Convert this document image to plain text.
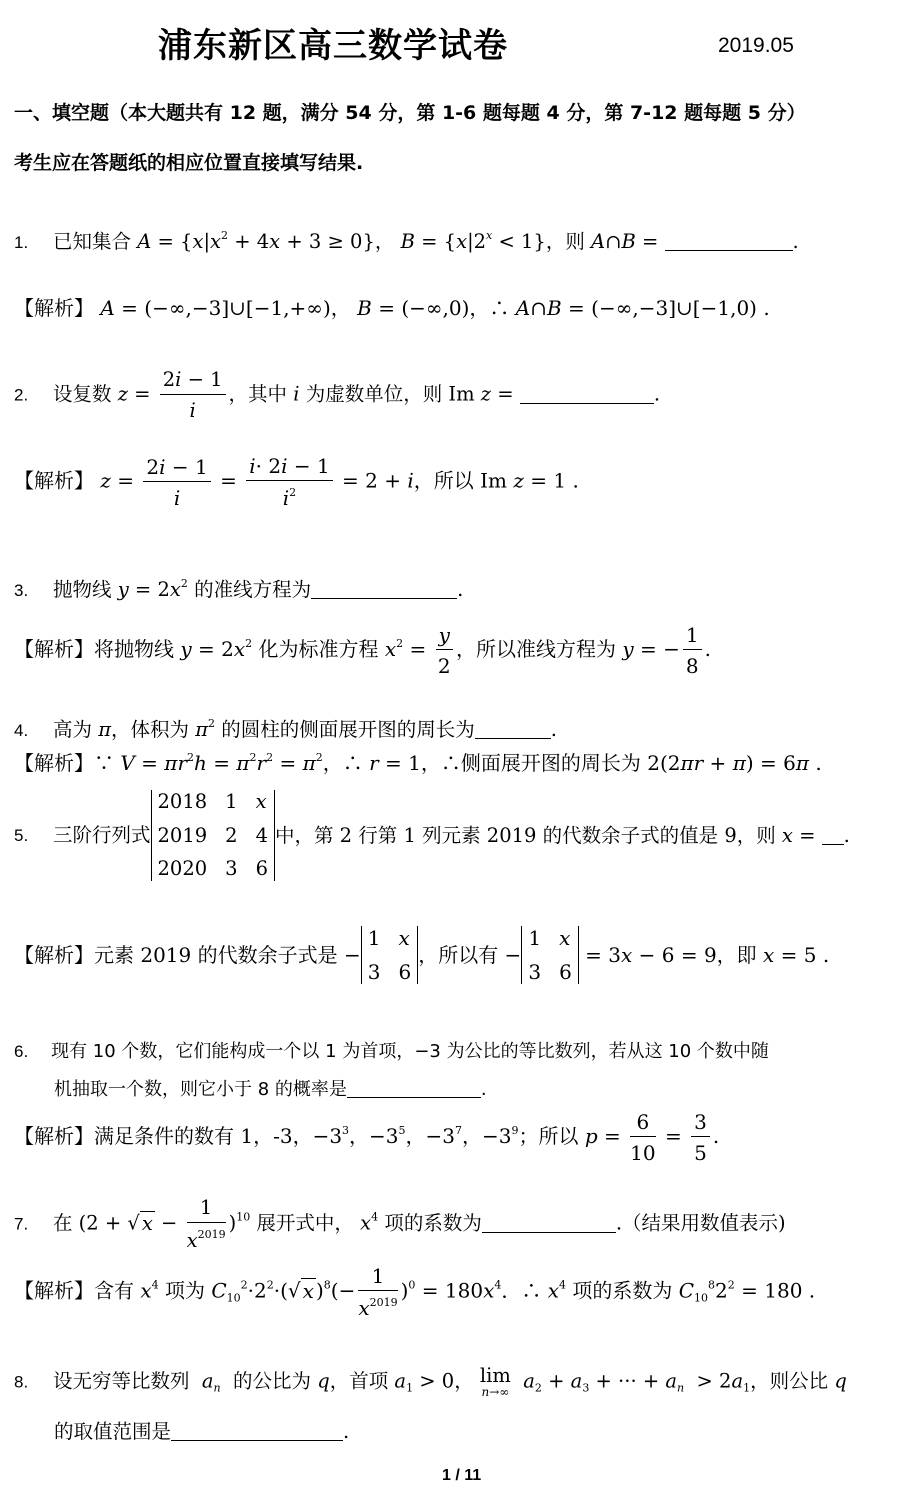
浦东新区高三数学试卷	2019.05
一、填空题（本大题共有 12 题，满分 54 分，第 1-6 题每题 4 分，第 7-12 题每题 5 分）
考生应在答题纸的相应位置直接填写结果.
1.    已知集合 $A = \{x|x^2 + 4x + 3 \ge 0\}$， $B = \{x|2^x < 1\}$，则 A∩B =	.
【解析】 A = (−∞,−3]∪[−1,+∞)， B = (−∞,0)，∴ A∩B = (−∞,−3]∪[−1,0) .
2.    设复数 $z = \frac{2i - 1}{i}$ ，其中 i 为虚数单位，则 Im z =	.
【解析】 $z = \frac{2i - 1}{i} = \frac{i\cdot 2i - 1}{i^2} = 2 + i$，所以 Im z = 1 .
3.    抛物线 $y = 2x^2$ 的准线方程为	.
【解析】将抛物线 $y = 2x^2$ 化为标准方程 $x^2 = \frac{y}{2}$ ，所以准线方程为 y = − $\frac{1}{8}$ .
4.    高为 π，体积为 $\pi^2$ 的圆柱的侧面展开图的周长为	.
【解析】∵ $V = \pi r^2h = \pi^2r^2 = \pi^2$，∴ r = 1，∴侧面展开图的周长为 2(2πr + π) = 6π .
5. 三阶行列式
2018 1 x
2019 2 4
2020 3 6
中，第 2 行第 1 列元素 2019 的代数余子式的值是 9，则 x = .
【解析】元素 2019 的代数余子式是 −
1 x
3 6
，所以有 −
1 x
3 6
= 3x − 6 = 9，即 x = 5 .
6. 现有 10 个数，它们能构成一个以 1 为首项，−3 为公比的等比数列，若从这 10 个数中随
机抽取一个数，则它小于 8 的概率是	.
【解析】满足条件的数有 1，-3，$-3^3$，$-3^5$，$-3^7$，$-3^9$；所以 $p = \frac{6}{10} = \frac{3}{5}$ .
7.    在 (2 + √ $x - \frac{1}{x^{2019}} )^{10}$ 展开式中， $x^4$ 项的系数为	.（结果用数值表示)
【解析】含有 $x^4$ 项为 $C_{10}^2\cdot 2^2\cdot(√$ x )$^8(- \frac{1}{x^{2019}} )^0 = 180x^4$．∴ $x^4$ 项的系数为 $C_{10}^82^2 = 180$ .
8.    设无穷等比数列  $a_n$  的公比为 q，首项 $a_1 > 0$， lim
n→∞ $a_2 + a_3$ + ··· + $a_n > 2a_1$，则公比 q
的取值范围是	.
1 / 11
